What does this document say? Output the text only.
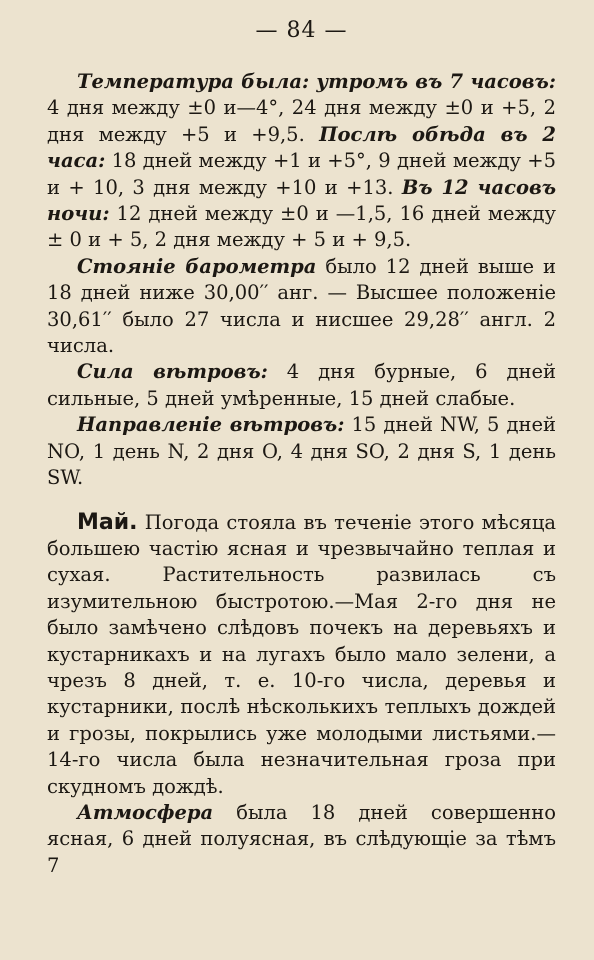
— 84 —

Температура была: утромъ въ 7 часовъ: 4 дня между ±0 и—4°, 24 дня между ±0 и +5, 2 дня между +5 и +9,5. Послѣ обѣда въ 2 часа: 18 дней между +1 и +5°, 9 дней между +5 и + 10, 3 дня между +10 и +13. Въ 12 часовъ ночи: 12 дней между ±0 и —1,5, 16 дней между ± 0 и + 5, 2 дня между + 5 и + 9,5.

Стояніе барометра было 12 дней выше и 18 дней ниже 30,00′′ анг. — Высшее положеніе 30,61′′ было 27 числа и нисшее 29,28′′ англ. 2 числа.

Сила вѣтровъ: 4 дня бурные, 6 дней сильные, 5 дней умѣренные, 15 дней слабые.

Направленіе вѣтровъ: 15 дней NW, 5 дней NO, 1 день N, 2 дня O, 4 дня SO, 2 дня S, 1 день SW.

Май. Погода стояла въ теченіе этого мѣсяца большею частію ясная и чрезвычайно теплая и сухая. Растительность развилась съ изумительною быстротою.—Мая 2-го дня не было замѣчено слѣдовъ почекъ на деревьяхъ и кустарникахъ и на лугахъ было мало зелени, а чрезъ 8 дней, т. е. 10-го числа, деревья и кустарники, послѣ нѣсколькихъ теплыхъ дождей и грозы, покрылись уже молодыми листьями.—14-го числа была незначительная гроза при скудномъ дождѣ.

Атмосфера была 18 дней совершенно ясная, 6 дней полуясная, въ слѣдующіе за тѣмъ 7
